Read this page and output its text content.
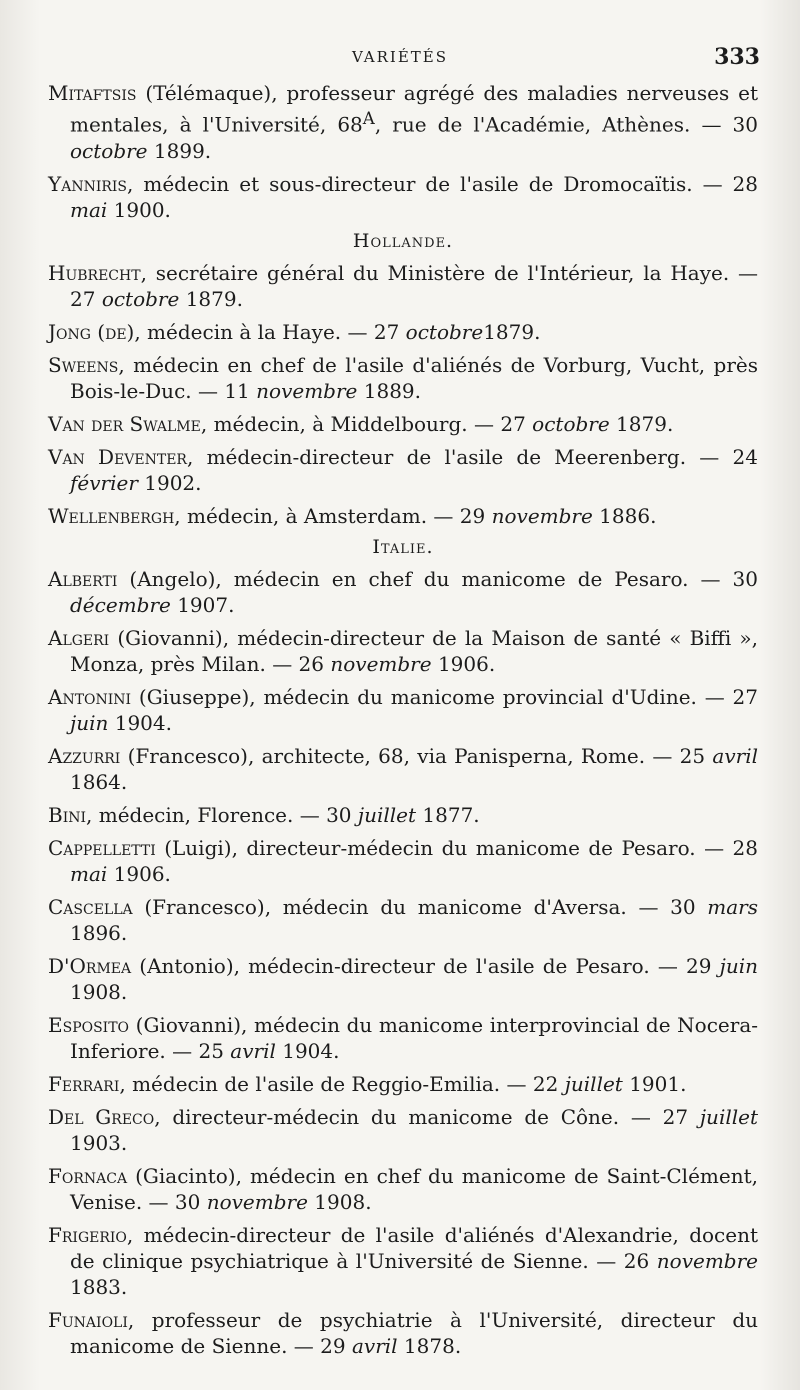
VARIÉTÉS	333

Mitaftsis (Télémaque), professeur agrégé des maladies nerveuses et mentales, à l'Université, $68^A$, rue de l'Académie, Athènes. — 30 octobre 1899.

Yanniris, médecin et sous-directeur de l'asile de Dromocaïtis. — 28 mai 1900.

Hollande.

Hubrecht, secrétaire général du Ministère de l'Intérieur, la Haye. — 27 octobre 1879.

Jong (de), médecin à la Haye. — 27 octobre1879.

Sweens, médecin en chef de l'asile d'aliénés de Vorburg, Vucht, près Bois-le-Duc. — 11 novembre 1889.

Van der Swalme, médecin, à Middelbourg. — 27 octobre 1879.

Van Deventer, médecin-directeur de l'asile de Meerenberg. — 24 février 1902.

Wellenbergh, médecin, à Amsterdam. — 29 novembre 1886.

Italie.

Alberti (Angelo), médecin en chef du manicome de Pesaro. — 30 décembre 1907.

Algeri (Giovanni), médecin-directeur de la Maison de santé « Biffi », Monza, près Milan. — 26 novembre 1906.

Antonini (Giuseppe), médecin du manicome provincial d'Udine. — 27 juin 1904.

Azzurri (Francesco), architecte, 68, via Panisperna, Rome. — 25 avril 1864.

Bini, médecin, Florence. — 30 juillet 1877.

Cappelletti (Luigi), directeur-médecin du manicome de Pesaro. — 28 mai 1906.

Cascella (Francesco), médecin du manicome d'Aversa. — 30 mars 1896.

D'Ormea (Antonio), médecin-directeur de l'asile de Pesaro. — 29 juin 1908.

Esposito (Giovanni), médecin du manicome interprovincial de Nocera-Inferiore. — 25 avril 1904.

Ferrari, médecin de l'asile de Reggio-Emilia. — 22 juillet 1901.

Del Greco, directeur-médecin du manicome de Cône. — 27 juillet 1903.

Fornaca (Giacinto), médecin en chef du manicome de Saint-Clément, Venise. — 30 novembre 1908.

Frigerio, médecin-directeur de l'asile d'aliénés d'Alexandrie, docent de clinique psychiatrique à l'Université de Sienne. — 26 novembre 1883.

Funaioli, professeur de psychiatrie à l'Université, directeur du manicome de Sienne. — 29 avril 1878.
